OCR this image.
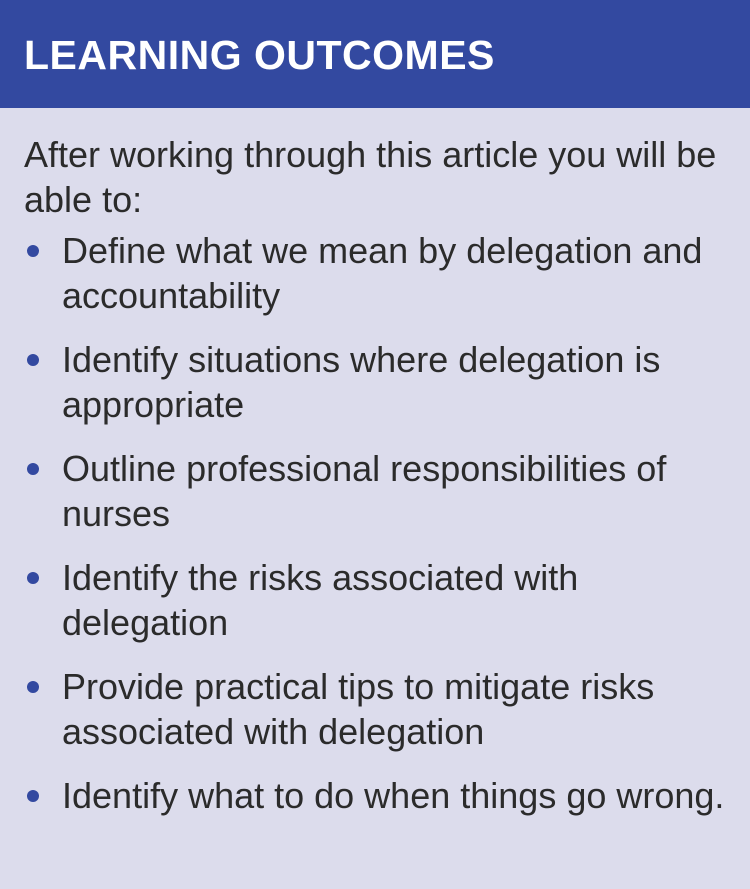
LEARNING OUTCOMES

After working through this article you will be able to:

Define what we mean by delegation and accountability
Identify situations where delegation is appropriate
Outline professional responsibilities of nurses
Identify the risks associated with delegation
Provide practical tips to mitigate risks associated with delegation
Identify what to do when things go wrong.
